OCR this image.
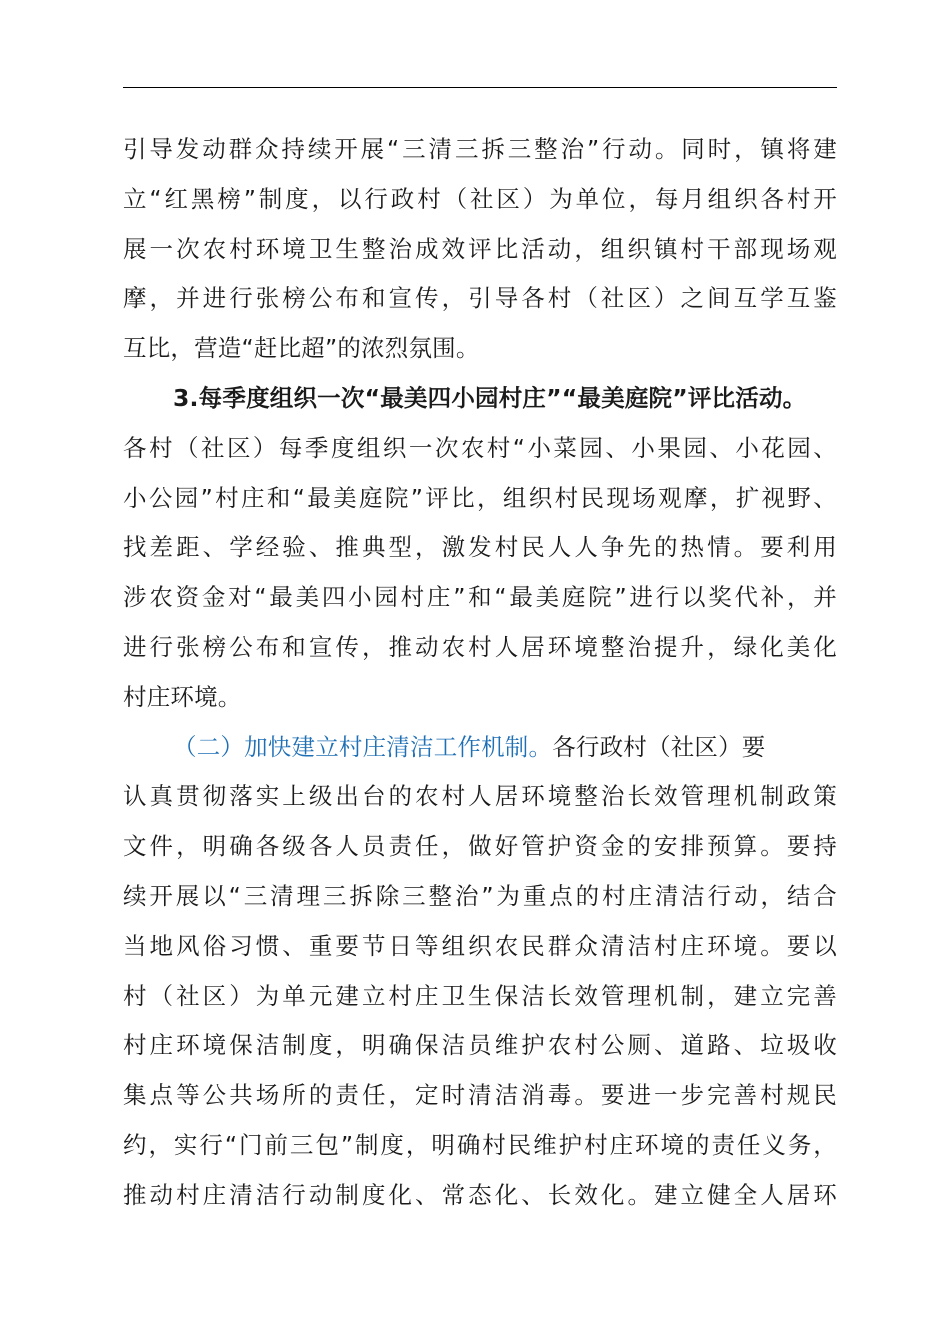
引导发动群众持续开展“三清三拆三整治”行动。同时，镇将建
立“红黑榜”制度，以行政村（社区）为单位，每月组织各村开
展一次农村环境卫生整治成效评比活动，组织镇村干部现场观
摩，并进行张榜公布和宣传，引导各村（社区）之间互学互鉴
互比，营造“赶比超”的浓烈氛围。
3.每季度组织一次“最美四小园村庄”“最美庭院”评比活动。
各村（社区）每季度组织一次农村“小菜园、小果园、小花园、
小公园”村庄和“最美庭院”评比，组织村民现场观摩，扩视野、
找差距、学经验、推典型，激发村民人人争先的热情。要利用
涉农资金对“最美四小园村庄”和“最美庭院”进行以奖代补，并
进行张榜公布和宣传，推动农村人居环境整治提升，绿化美化
村庄环境。
（二）加快建立村庄清洁工作机制。各行政村（社区）要
认真贯彻落实上级出台的农村人居环境整治长效管理机制政策
文件，明确各级各人员责任，做好管护资金的安排预算。要持
续开展以“三清理三拆除三整治”为重点的村庄清洁行动，结合
当地风俗习惯、重要节日等组织农民群众清洁村庄环境。要以
村（社区）为单元建立村庄卫生保洁长效管理机制，建立完善
村庄环境保洁制度，明确保洁员维护农村公厕、道路、垃圾收
集点等公共场所的责任，定时清洁消毒。要进一步完善村规民
约，实行“门前三包”制度，明确村民维护村庄环境的责任义务，
推动村庄清洁行动制度化、常态化、长效化。建立健全人居环
